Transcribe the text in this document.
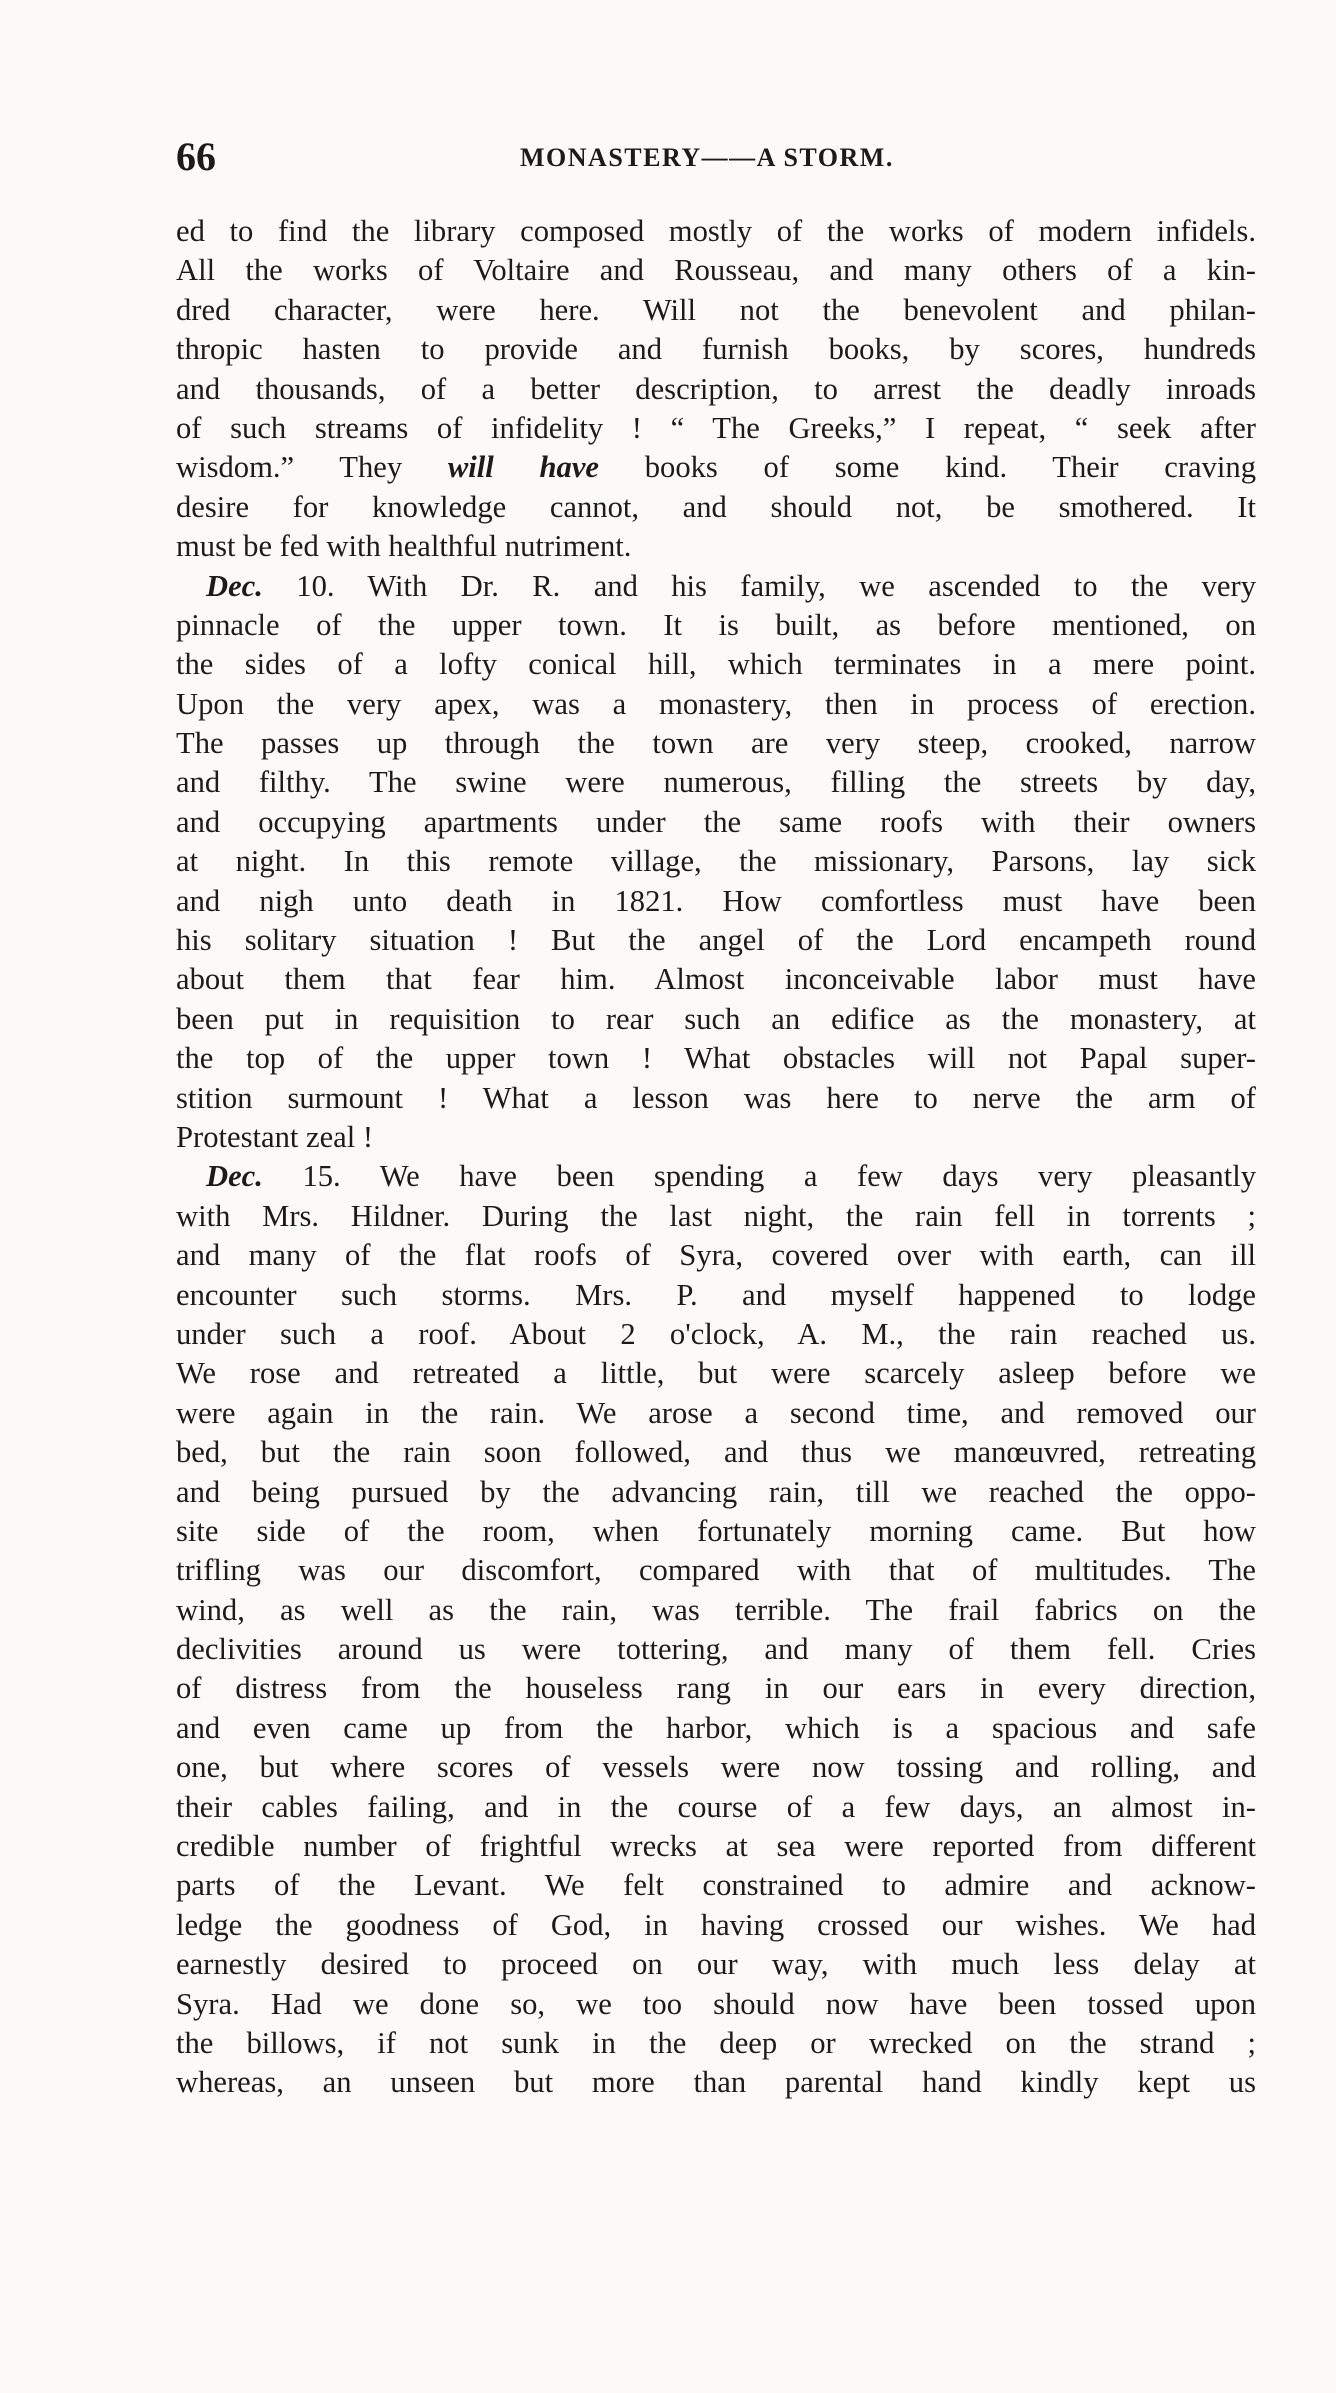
66	MONASTERY——A STORM.
ed to find the library composed mostly of the works of modern infidels.
All the works of Voltaire and Rousseau, and many others of a kin-
dred character, were here. Will not the benevolent and philan-
thropic hasten to provide and furnish books, by scores, hundreds
and thousands, of a better description, to arrest the deadly inroads
of such streams of infidelity ! “ The Greeks,” I repeat, “ seek after
wisdom.” They will have books of some kind. Their craving
desire for knowledge cannot, and should not, be smothered. It
must be fed with healthful nutriment.
Dec. 10. With Dr. R. and his family, we ascended to the very
pinnacle of the upper town. It is built, as before mentioned, on
the sides of a lofty conical hill, which terminates in a mere point.
Upon the very apex, was a monastery, then in process of erection.
The passes up through the town are very steep, crooked, narrow
and filthy. The swine were numerous, filling the streets by day,
and occupying apartments under the same roofs with their owners
at night. In this remote village, the missionary, Parsons, lay sick
and nigh unto death in 1821. How comfortless must have been
his solitary situation ! But the angel of the Lord encampeth round
about them that fear him. Almost inconceivable labor must have
been put in requisition to rear such an edifice as the monastery, at
the top of the upper town ! What obstacles will not Papal super-
stition surmount ! What a lesson was here to nerve the arm of
Protestant zeal !
Dec. 15. We have been spending a few days very pleasantly
with Mrs. Hildner. During the last night, the rain fell in torrents ;
and many of the flat roofs of Syra, covered over with earth, can ill
encounter such storms. Mrs. P. and myself happened to lodge
under such a roof. About 2 o'clock, A. M., the rain reached us.
We rose and retreated a little, but were scarcely asleep before we
were again in the rain. We arose a second time, and removed our
bed, but the rain soon followed, and thus we manœuvred, retreating
and being pursued by the advancing rain, till we reached the oppo-
site side of the room, when fortunately morning came. But how
trifling was our discomfort, compared with that of multitudes. The
wind, as well as the rain, was terrible. The frail fabrics on the
declivities around us were tottering, and many of them fell. Cries
of distress from the houseless rang in our ears in every direction,
and even came up from the harbor, which is a spacious and safe
one, but where scores of vessels were now tossing and rolling, and
their cables failing, and in the course of a few days, an almost in-
credible number of frightful wrecks at sea were reported from different
parts of the Levant. We felt constrained to admire and acknow-
ledge the goodness of God, in having crossed our wishes. We had
earnestly desired to proceed on our way, with much less delay at
Syra. Had we done so, we too should now have been tossed upon
the billows, if not sunk in the deep or wrecked on the strand ;
whereas, an unseen but more than parental hand kindly kept us
